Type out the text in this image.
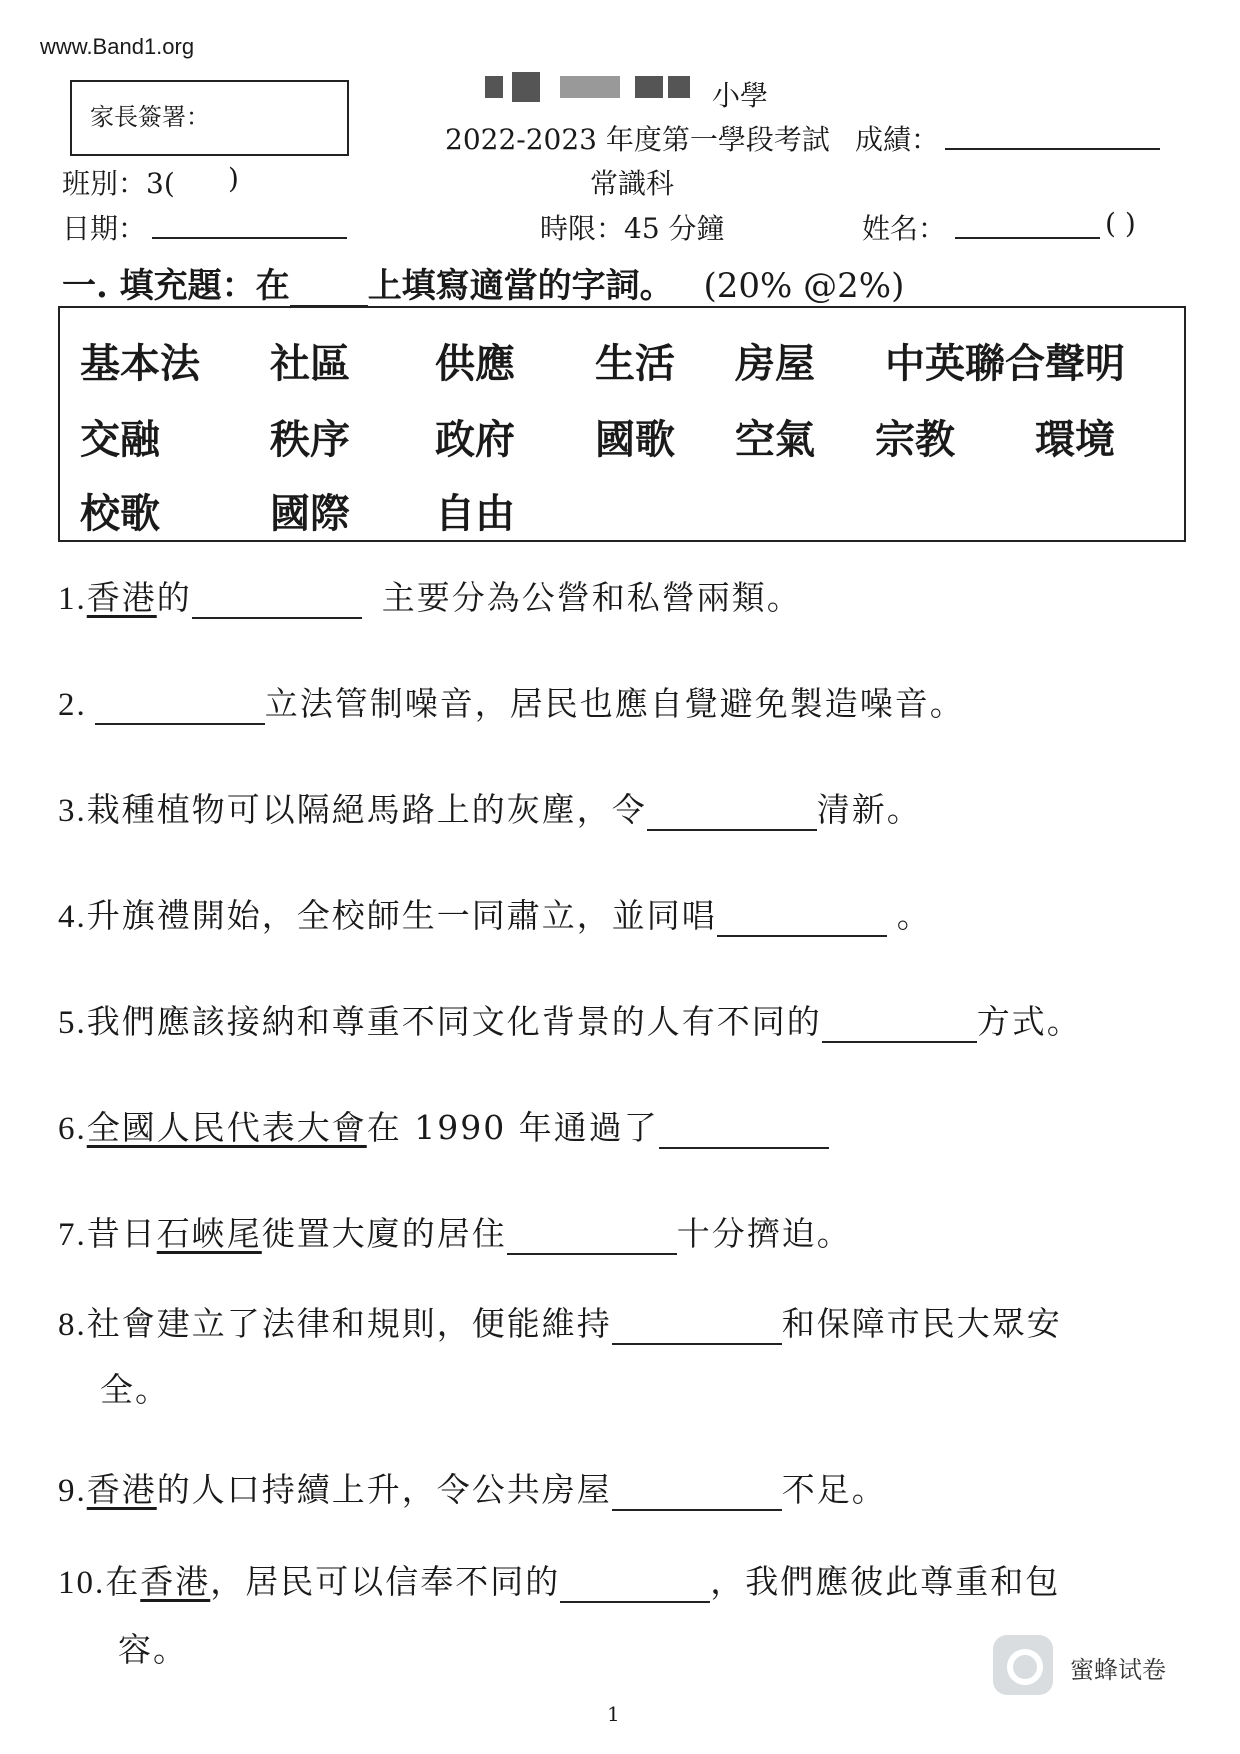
www.Band1.org
家長簽署：
小學
2022-2023 年度第一學段考試 成績：
常識科
班別：3( )
日期：	時限：45 分鐘	姓名：	( )
一. 填充題：在 上填寫適當的字詞。 (20% @2%)
基本法 社區 供應 生活 房屋 中英聯合聲明
交融	秩序 政府 國歌 空氣 宗教 環境
校歌	國際 自由
1.香港的	主要分為公營和私營兩類。
2.	立法管制噪音，居民也應自覺避免製造噪音。
3.栽種植物可以隔絕馬路上的灰塵，令	清新。
4.升旗禮開始，全校師生一同肅立，並同唱	。
5.我們應該接納和尊重不同文化背景的人有不同的	方式。
6.全國人民代表大會在 1990 年通過了
7.昔日石峽尾徙置大廈的居住	十分擠迫。
8.社會建立了法律和規則，便能維持	和保障市民大眾安
全。
9.香港的人口持續上升，令公共房屋	不足。
10.在香港，居民可以信奉不同的	，我們應彼此尊重和包
容。
蜜蜂试卷
1
